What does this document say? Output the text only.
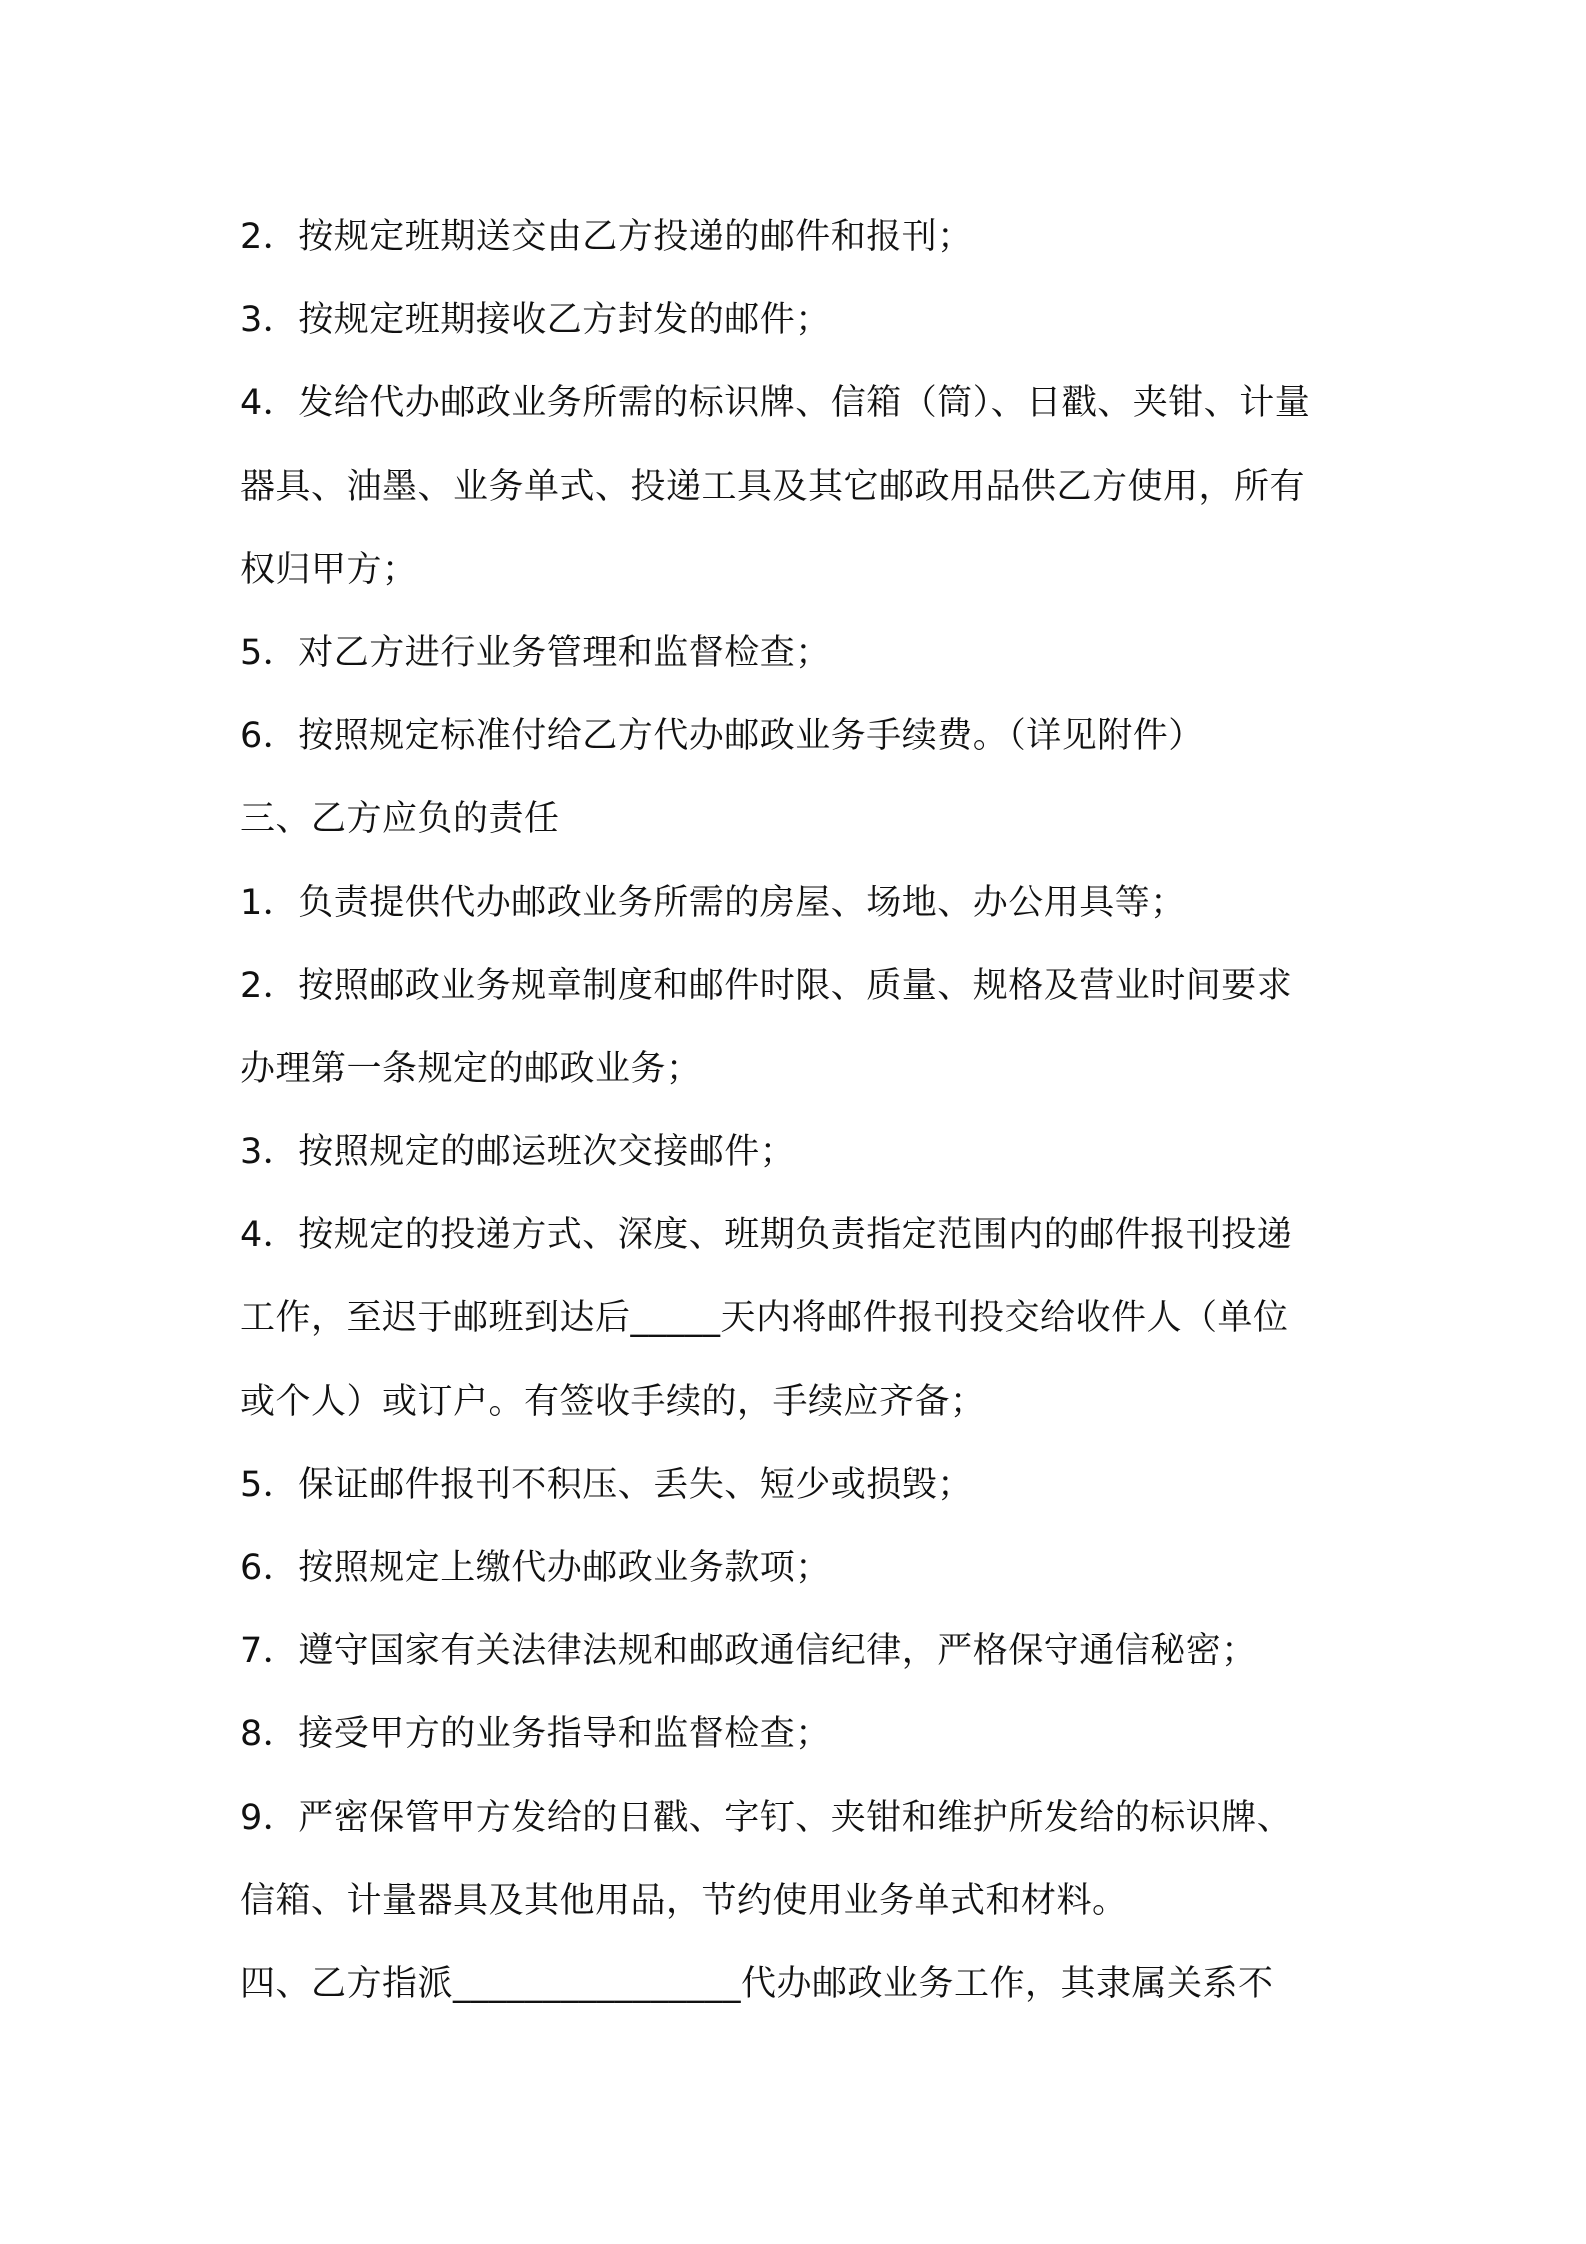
2．按规定班期送交由乙方投递的邮件和报刊；
3．按规定班期接收乙方封发的邮件；
4．发给代办邮政业务所需的标识牌、信箱（筒）、日戳、夹钳、计量
器具、油墨、业务单式、投递工具及其它邮政用品供乙方使用，所有
权归甲方；
5．对乙方进行业务管理和监督检查；
6．按照规定标准付给乙方代办邮政业务手续费。（详见附件）
三、乙方应负的责任
1．负责提供代办邮政业务所需的房屋、场地、办公用具等；
2．按照邮政业务规章制度和邮件时限、质量、规格及营业时间要求
办理第一条规定的邮政业务；
3．按照规定的邮运班次交接邮件；
4．按规定的投递方式、深度、班期负责指定范围内的邮件报刊投递
工作，至迟于邮班到达后_____天内将邮件报刊投交给收件人（单位
或个人）或订户。有签收手续的，手续应齐备；
5．保证邮件报刊不积压、丢失、短少或损毁；
6．按照规定上缴代办邮政业务款项；
7．遵守国家有关法律法规和邮政通信纪律，严格保守通信秘密；
8．接受甲方的业务指导和监督检查；
9．严密保管甲方发给的日戳、字钉、夹钳和维护所发给的标识牌、
信箱、计量器具及其他用品，节约使用业务单式和材料。
四、乙方指派________________代办邮政业务工作，其隶属关系不
